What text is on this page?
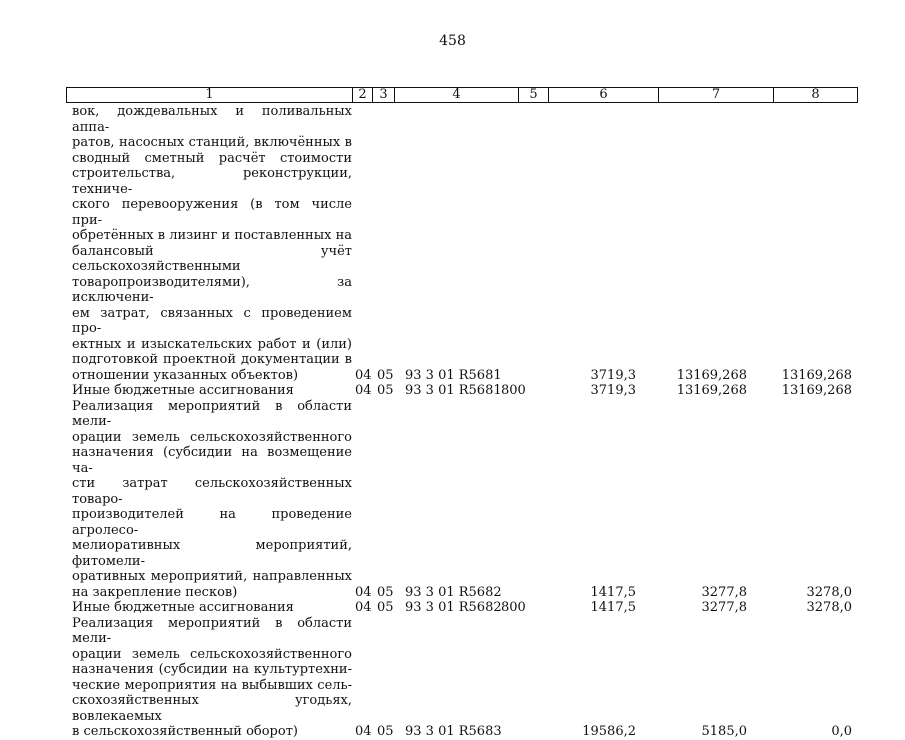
458
1	2 3	4	5	6	7	8
вок, дождевальных и поливальных аппа-
ратов, насосных станций, включённых в
сводный сметный расчёт стоимости
строительства, реконструкции, техниче-
ского перевооружения (в том числе при-
обретённых в лизинг и поставленных на
балансовый учёт сельскохозяйственными
товаропроизводителями), за исключени-
ем затрат, связанных с проведением про-
ектных и изыскательских работ и (или)
подготовкой проектной документации в
отношении указанных объектов)	04 05 93 3 01 R5681	3719,3	13169,268	13169,268
Иные бюджетные ассигнования	04 05 93 3 01 R5681 800	3719,3	13169,268	13169,268
Реализация мероприятий в области мели-
орации земель сельскохозяйственного
назначения (субсидии на возмещение ча-
сти затрат сельскохозяйственных товаро-
производителей на проведение агролесо-
мелиоративных мероприятий, фитомели-
оративных мероприятий, направленных
на закрепление песков)	04 05 93 3 01 R5682	1417,5	3277,8	3278,0
Иные бюджетные ассигнования	04 05 93 3 01 R5682 800	1417,5	3277,8	3278,0
Реализация мероприятий в области мели-
орации земель сельскохозяйственного
назначения (субсидии на культуртехни-
ческие мероприятия на выбывших сель-
скохозяйственных угодьях, вовлекаемых
в сельскохозяйственный оборот)	04 05 93 3 01 R5683	19586,2	5185,0	0,0
